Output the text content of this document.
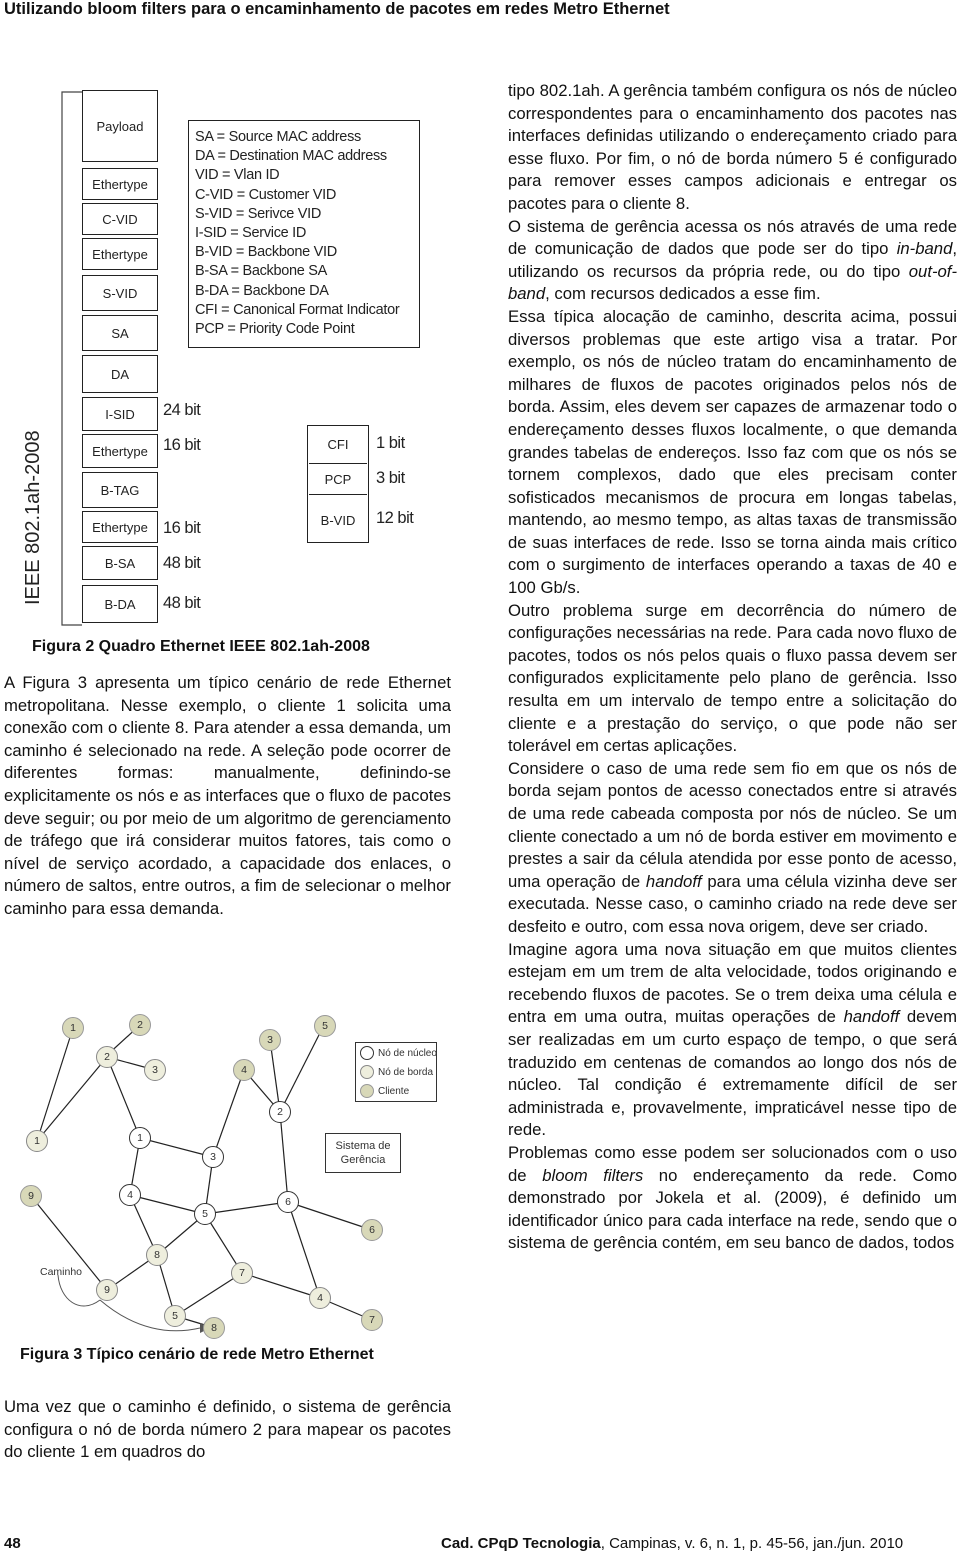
Utilizando bloom filters para o encaminhamento de pacotes em redes Metro Ethernet
IEEE 802.1ah-2008
Payload
Ethertype
C-VID
Ethertype
S-VID
SA
DA
I-SID
Ethertype
B-TAG
Ethertype
B-SA
B-DA
24 bit
16 bit
16 bit
48 bit
48 bit
SA = Source MAC address
DA = Destination MAC address
VID = Vlan ID
C-VID = Customer VID
S-VID = Serivce VID
I-SID = Service ID
B-VID = Backbone VID
B-SA = Backbone SA
B-DA = Backbone DA
CFI = Canonical Format Indicator
PCP = Priority Code Point
CFI
PCP
B-VID
1 bit
3 bit
12 bit
Figura 2 Quadro Ethernet IEEE 802.1ah-2008
A Figura 3 apresenta um típico cenário de rede Ethernet metropolitana. Nesse exemplo, o cliente 1 solicita uma conexão com o cliente 8. Para atender a essa demanda, um caminho é selecionado na rede. A seleção pode ocorrer de diferentes formas: manualmente, definindo-se explicitamente os nós e as interfaces que o fluxo de pacotes deve seguir; ou por meio de um algoritmo de gerenciamento de tráfego que irá considerar muitos fatores, tais como o nível de serviço acordado, a capacidade dos enlaces, o número de saltos, entre outros, a fim de selecionar o melhor caminho para essa demanda.
1	2
3
4
5
6
7
8
9
1
2
3
4
5
7
8
9
1
2
3
4
5
6
Nó de núcleo
Nó de borda
Cliente
Sistema de
Gerência
Caminho
Figura 3 Típico cenário de rede Metro Ethernet
Uma vez que o caminho é definido, o sistema de gerência configura o nó de borda número 2 para mapear os pacotes do cliente 1 em quadros do

tipo 802.1ah. A gerência também configura os nós de núcleo correspondentes para o encaminhamento dos pacotes nas interfaces definidas utilizando o endereçamento criado para esse fluxo. Por fim, o nó de borda número 5 é configurado para remover esses campos adicionais e entregar os pacotes para o cliente 8.

O sistema de gerência acessa os nós através de uma rede de comunicação de dados que pode ser do tipo in-band, utilizando os recursos da própria rede, ou do tipo out-of-band, com recursos dedicados a esse fim.

Essa típica alocação de caminho, descrita acima, possui diversos problemas que este artigo visa a tratar. Por exemplo, os nós de núcleo tratam do encaminhamento de milhares de fluxos de pacotes originados pelos nós de borda. Assim, eles devem ser capazes de armazenar todo o endereçamento desses fluxos localmente, o que demanda grandes tabelas de endereços. Isso faz com que os nós se tornem complexos, dado que eles precisam conter sofisticados mecanismos de procura em longas tabelas, mantendo, ao mesmo tempo, as altas taxas de transmissão de suas interfaces de rede. Isso se torna ainda mais crítico com o surgimento de interfaces operando a taxas de 40 e 100 Gb/s.

Outro problema surge em decorrência do número de configurações necessárias na rede. Para cada novo fluxo de pacotes, todos os nós pelos quais o fluxo passa devem ser configurados explicitamente pelo plano de gerência. Isso resulta em um intervalo de tempo entre a solicitação do cliente e a prestação do serviço, o que pode não ser tolerável em certas aplicações.

Considere o caso de uma rede sem fio em que os nós de borda sejam pontos de acesso conectados entre si através de uma rede cabeada composta por nós de núcleo. Se um cliente conectado a um nó de borda estiver em movimento e prestes a sair da célula atendida por esse ponto de acesso, uma operação de handoff para uma célula vizinha deve ser executada. Nesse caso, o caminho criado na rede deve ser desfeito e outro, com essa nova origem, deve ser criado.

Imagine agora uma nova situação em que muitos clientes estejam em um trem de alta velocidade, todos originando e recebendo fluxos de pacotes. Se o trem deixa uma célula e entra em uma outra, muitas operações de handoff devem ser realizadas em um curto espaço de tempo, o que será traduzido em centenas de comandos ao longo dos nós de núcleo. Tal condição é extremamente difícil de ser administrada e, provavelmente, impraticável nesse tipo de rede.

Problemas como esse podem ser solucionados com o uso de bloom filters no endereçamento da rede. Como demonstrado por Jokela et al. (2009), é definido um identificador único para cada interface na rede, sendo que o sistema de gerência contém, em seu banco de dados, todos

48	Cad. CPqD Tecnologia, Campinas, v. 6, n. 1, p. 45-56, jan./jun. 2010
